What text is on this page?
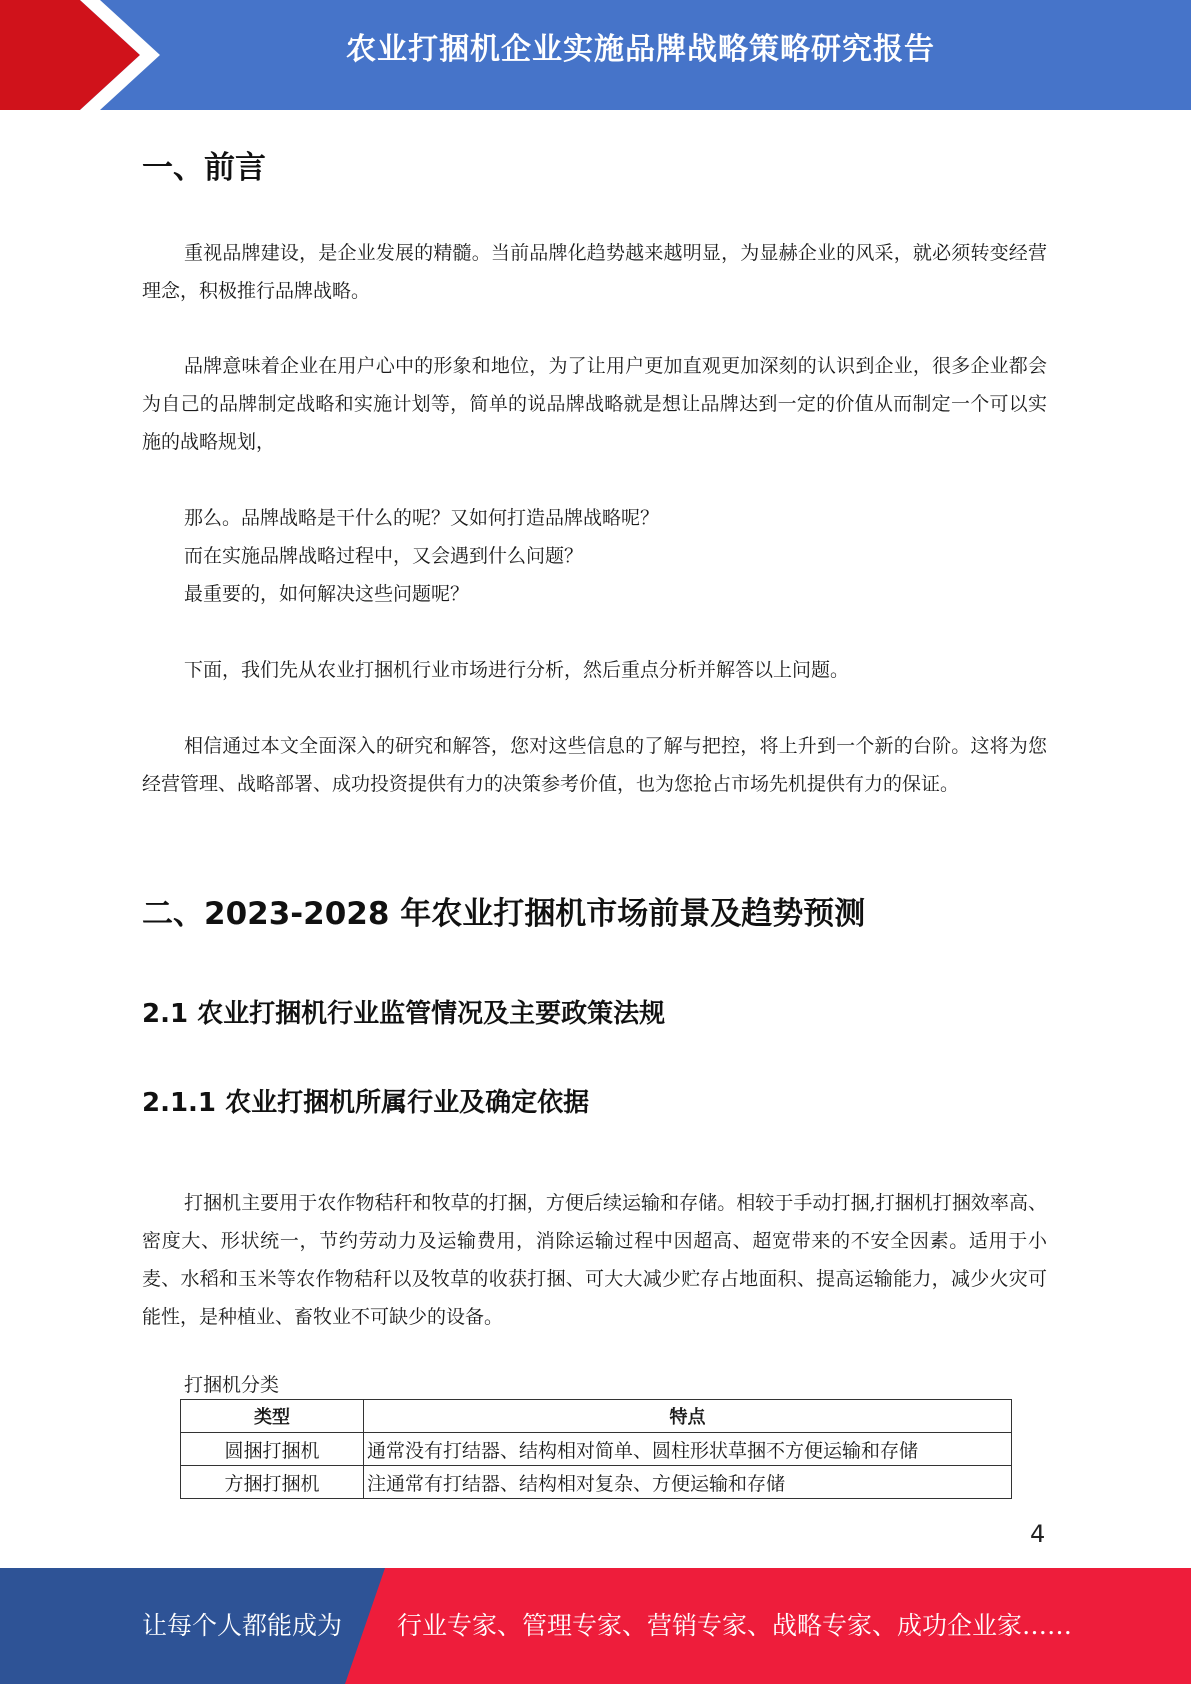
农业打捆机企业实施品牌战略策略研究报告
一、前言
重视品牌建设，是企业发展的精髓。当前品牌化趋势越来越明显，为显赫企业的风采，就必须转变经营理念，积极推行品牌战略。
品牌意味着企业在用户心中的形象和地位，为了让用户更加直观更加深刻的认识到企业，很多企业都会为自己的品牌制定战略和实施计划等，简单的说品牌战略就是想让品牌达到一定的价值从而制定一个可以实施的战略规划，
那么。品牌战略是干什么的呢？又如何打造品牌战略呢？
而在实施品牌战略过程中，又会遇到什么问题？
最重要的，如何解决这些问题呢？
下面，我们先从农业打捆机行业市场进行分析，然后重点分析并解答以上问题。
相信通过本文全面深入的研究和解答，您对这些信息的了解与把控，将上升到一个新的台阶。这将为您经营管理、战略部署、成功投资提供有力的决策参考价值，也为您抢占市场先机提供有力的保证。
二、2023-2028 年农业打捆机市场前景及趋势预测
2.1 农业打捆机行业监管情况及主要政策法规
2.1.1 农业打捆机所属行业及确定依据
打捆机主要用于农作物秸秆和牧草的打捆，方便后续运输和存储。相较于手动打捆,打捆机打捆效率高、密度大、形状统一，节约劳动力及运输费用，消除运输过程中因超高、超宽带来的不安全因素。适用于小麦、水稻和玉米等农作物秸秆以及牧草的收获打捆、可大大减少贮存占地面积、提高运输能力，减少火灾可能性，是种植业、畜牧业不可缺少的设备。
打捆机分类
类型	特点
圆捆打捆机	通常没有打结器、结构相对简单、圆柱形状草捆不方便运输和存储
方捆打捆机	注通常有打结器、结构相对复杂、方便运输和存储
4
让每个人都能成为 行业专家、管理专家、营销专家、战略专家、成功企业家……
